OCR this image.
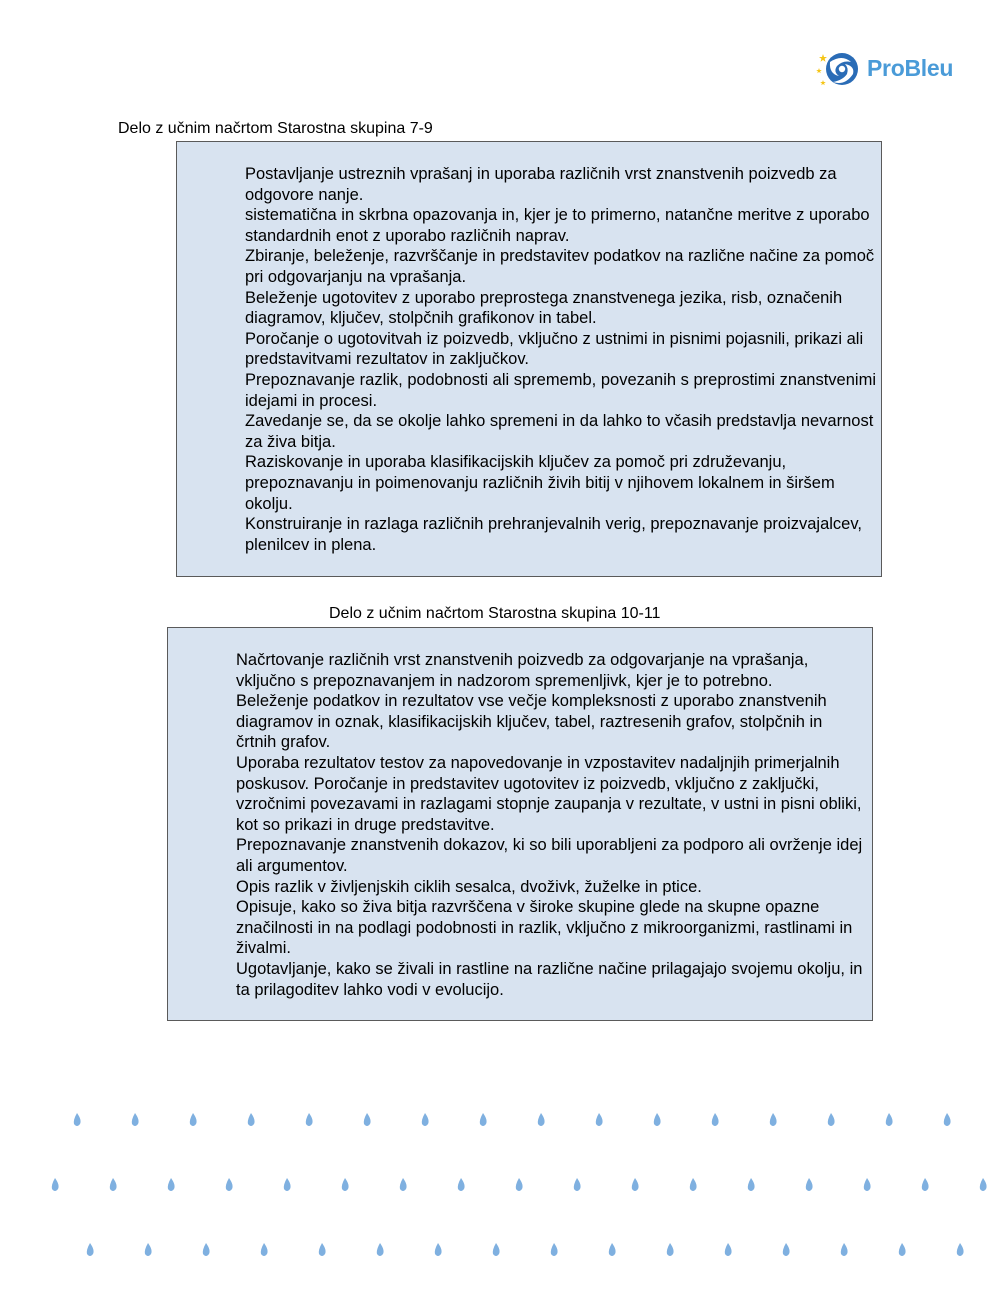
ProBleu
Delo z učnim načrtom Starostna skupina 7-9

Postavljanje ustreznih vprašanj in uporaba različnih vrst znanstvenih poizvedb za odgovore nanje.

sistematična in skrbna opazovanja in, kjer je to primerno, natančne meritve z uporabo standardnih enot z uporabo različnih naprav.

Zbiranje, beleženje, razvrščanje in predstavitev podatkov na različne načine za pomoč pri odgovarjanju na vprašanja.

Beleženje ugotovitev z uporabo preprostega znanstvenega jezika, risb, označenih diagramov, ključev, stolpčnih grafikonov in tabel.

Poročanje o ugotovitvah iz poizvedb, vključno z ustnimi in pisnimi pojasnili, prikazi ali predstavitvami rezultatov in zaključkov.

Prepoznavanje razlik, podobnosti ali sprememb, povezanih s preprostimi znanstvenimi idejami in procesi.

Zavedanje se, da se okolje lahko spremeni in da lahko to včasih predstavlja nevarnost za živa bitja.

Raziskovanje in uporaba klasifikacijskih ključev za pomoč pri združevanju, prepoznavanju in poimenovanju različnih živih bitij v njihovem lokalnem in širšem okolju.

Konstruiranje in razlaga različnih prehranjevalnih verig, prepoznavanje proizvajalcev, plenilcev in plena.

Delo z učnim načrtom Starostna skupina 10-11

Načrtovanje različnih vrst znanstvenih poizvedb za odgovarjanje na vprašanja, vključno s prepoznavanjem in nadzorom spremenljivk, kjer je to potrebno.

Beleženje podatkov in rezultatov vse večje kompleksnosti z uporabo znanstvenih diagramov in oznak, klasifikacijskih ključev, tabel, raztresenih grafov, stolpčnih in črtnih grafov.

Uporaba rezultatov testov za napovedovanje in vzpostavitev nadaljnjih primerjalnih poskusov. Poročanje in predstavitev ugotovitev iz poizvedb, vključno z zaključki, vzročnimi povezavami in razlagami stopnje zaupanja v rezultate, v ustni in pisni obliki, kot so prikazi in druge predstavitve.

Prepoznavanje znanstvenih dokazov, ki so bili uporabljeni za podporo ali ovrženje idej ali argumentov.

Opis razlik v življenjskih ciklih sesalca, dvoživk, žuželke in ptice.

Opisuje, kako so živa bitja razvrščena v široke skupine glede na skupne opazne značilnosti in na podlagi podobnosti in razlik, vključno z mikroorganizmi, rastlinami in živalmi.

Ugotavljanje, kako se živali in rastline na različne načine prilagajajo svojemu okolju, in ta prilagoditev lahko vodi v evolucijo.
